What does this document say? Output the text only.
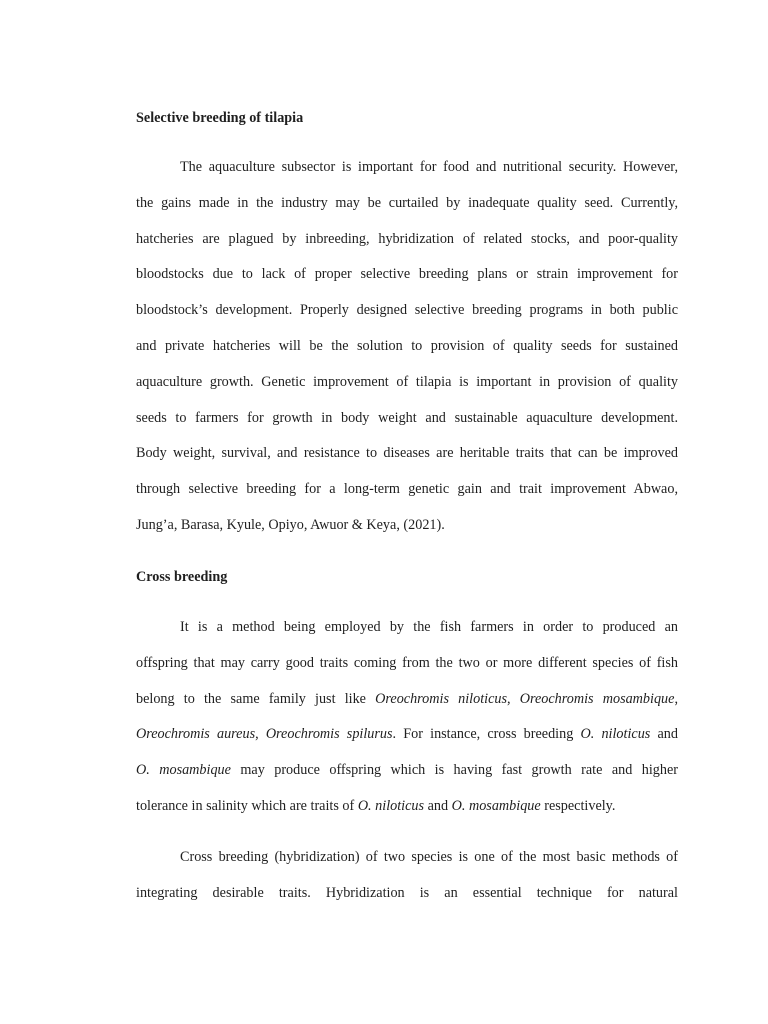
Selective breeding of tilapia
The aquaculture subsector is important for food and nutritional security. However,
the gains made in the industry may be curtailed by inadequate quality seed. Currently,
hatcheries are plagued by inbreeding, hybridization of related stocks, and poor-quality
bloodstocks due to lack of proper selective breeding plans or strain improvement for
bloodstock’s development. Properly designed selective breeding programs in both public
and private hatcheries will be the solution to provision of quality seeds for sustained
aquaculture growth. Genetic improvement of tilapia is important in provision of quality
seeds to farmers for growth in body weight and sustainable aquaculture development.
Body weight, survival, and resistance to diseases are heritable traits that can be improved
through selective breeding for a long-term genetic gain and trait improvement Abwao,
Jung’a, Barasa, Kyule, Opiyo, Awuor & Keya, (2021).
Cross breeding
It is a method being employed by the fish farmers in order to produced an
offspring that may carry good traits coming from the two or more different species of fish
belong to the same family just like Oreochromis niloticus, Oreochromis mosambique,
Oreochromis aureus, Oreochromis spilurus. For instance, cross breeding O. niloticus and
O. mosambique may produce offspring which is having fast growth rate and higher
tolerance in salinity which are traits of O. niloticus and O. mosambique respectively.
Cross breeding (hybridization) of two species is one of the most basic methods of
integrating desirable traits. Hybridization is an essential technique for natural
